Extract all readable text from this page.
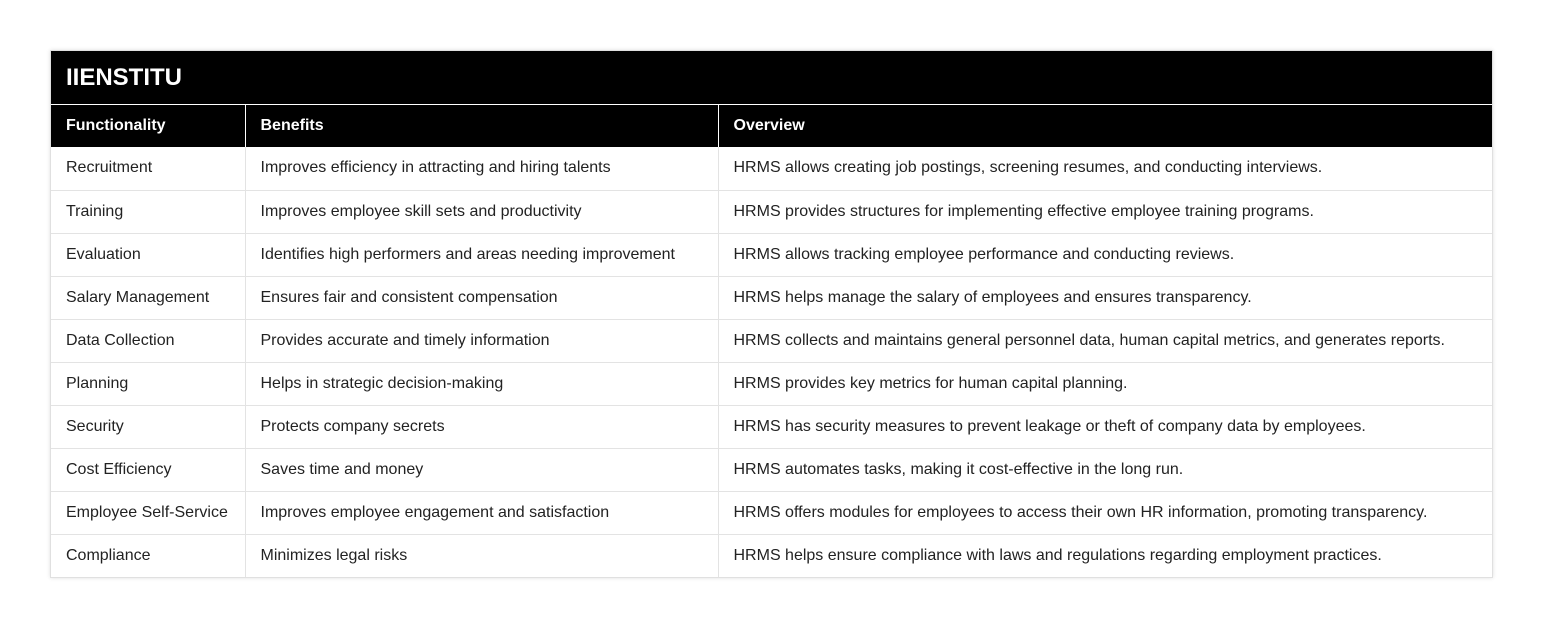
IIENSTITU
Functionality	Benefits	Overview
Recruitment	Improves efficiency in attracting and hiring talents	HRMS allows creating job postings, screening resumes, and conducting interviews.
Training	Improves employee skill sets and productivity	HRMS provides structures for implementing effective employee training programs.
Evaluation	Identifies high performers and areas needing improvement	HRMS allows tracking employee performance and conducting reviews.
Salary Management	Ensures fair and consistent compensation	HRMS helps manage the salary of employees and ensures transparency.
Data Collection	Provides accurate and timely information	HRMS collects and maintains general personnel data, human capital metrics, and generates reports.
Planning	Helps in strategic decision-making	HRMS provides key metrics for human capital planning.
Security	Protects company secrets	HRMS has security measures to prevent leakage or theft of company data by employees.
Cost Efficiency	Saves time and money	HRMS automates tasks, making it cost-effective in the long run.
Employee Self-Service	Improves employee engagement and satisfaction	HRMS offers modules for employees to access their own HR information, promoting transparency.
Compliance	Minimizes legal risks	HRMS helps ensure compliance with laws and regulations regarding employment practices.
